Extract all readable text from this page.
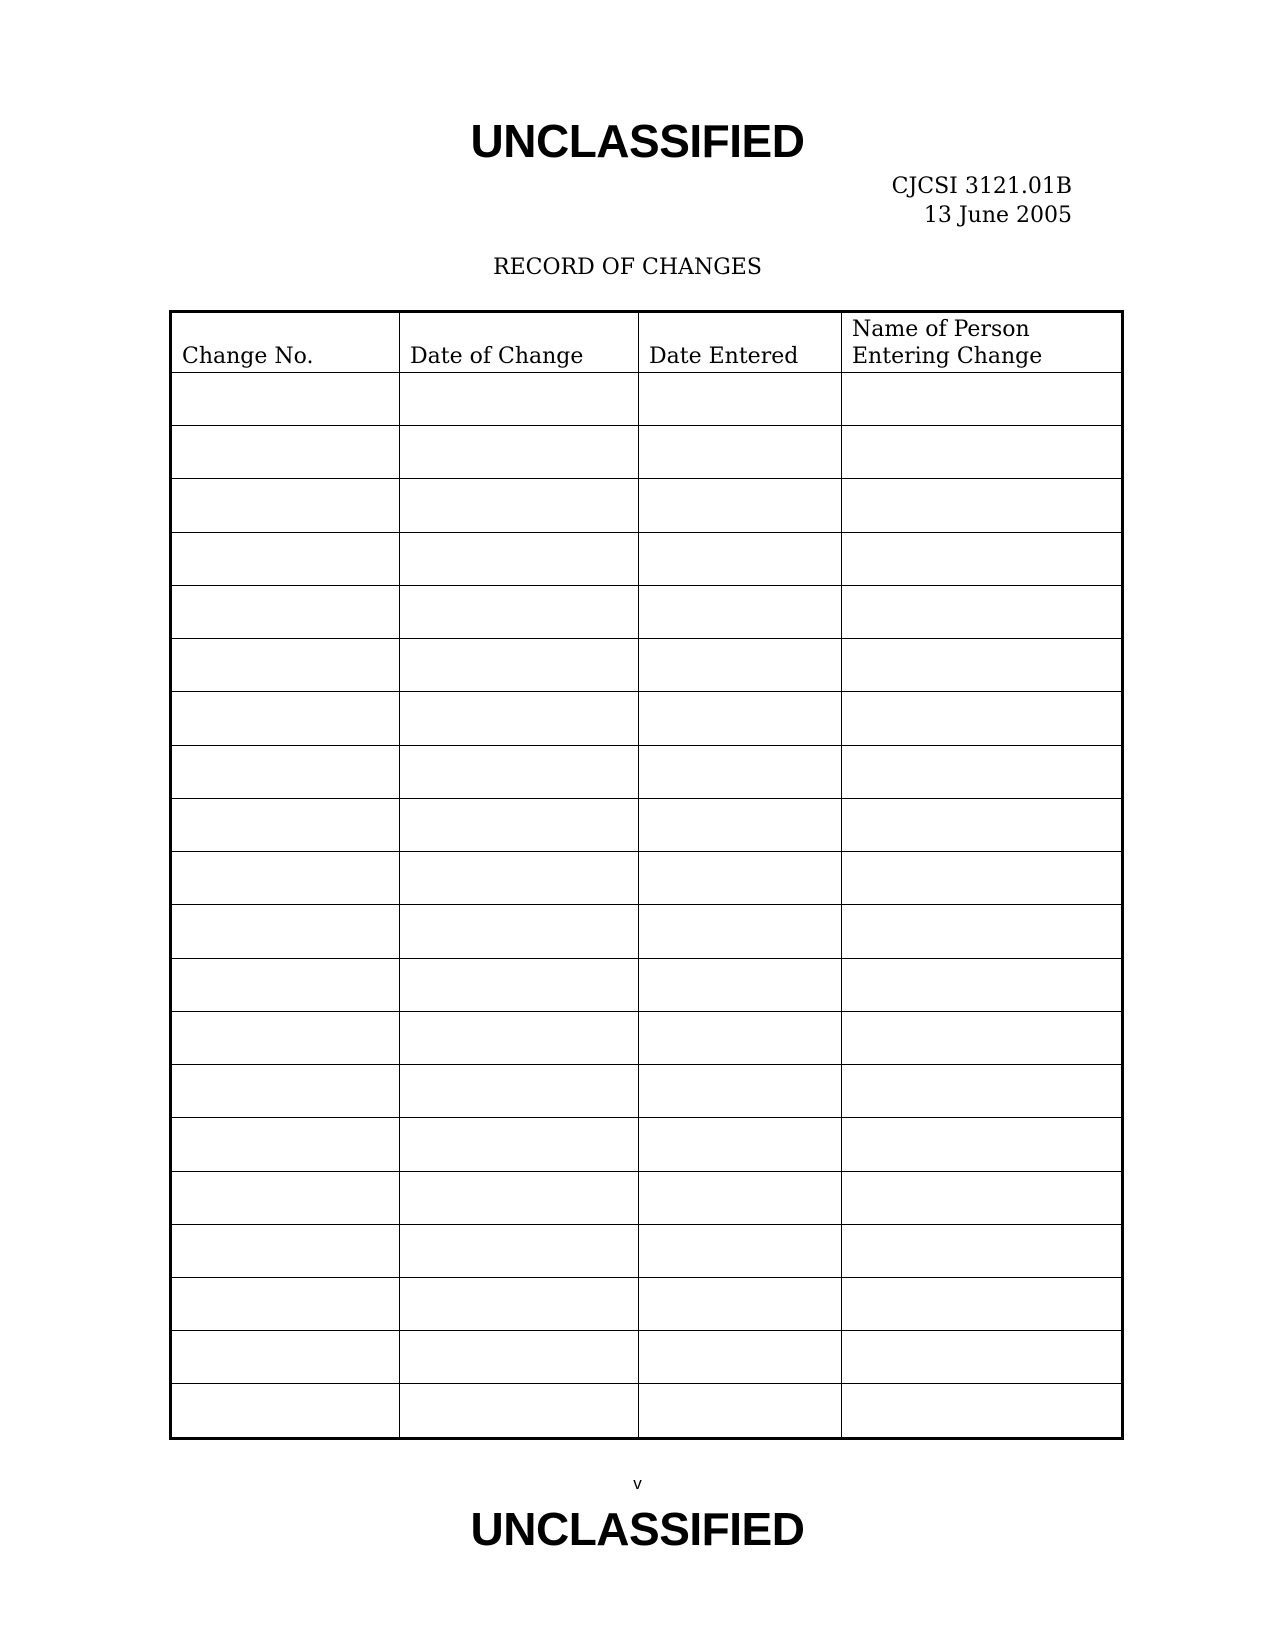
UNCLASSIFIED
CJCSI 3121.01B
13 June 2005
RECORD OF CHANGES
Change No.	Date of Change	Date Entered	Name of Person
Entering Change

v
UNCLASSIFIED
